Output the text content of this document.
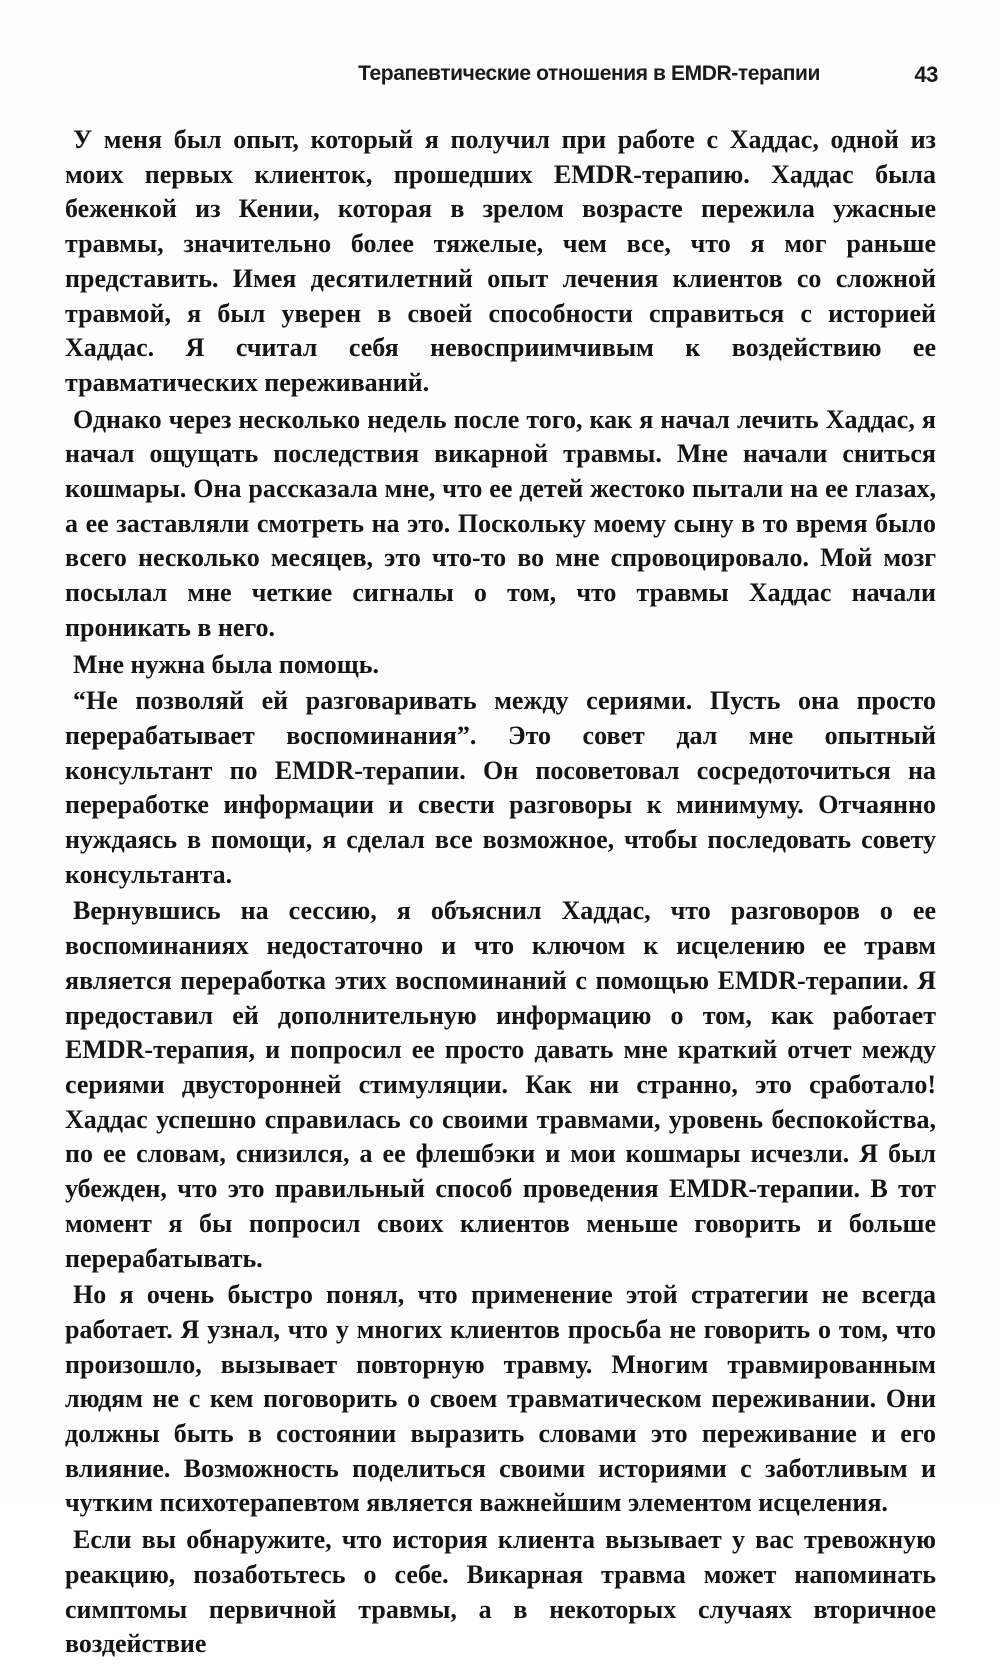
Терапевтические отношения в EMDR-терапии	43

У меня был опыт, который я получил при работе с Хаддас, одной из моих первых клиенток, прошедших EMDR-терапию. Хаддас была беженкой из Кении, которая в зрелом возрасте пережила ужасные травмы, значительно более тяжелые, чем все, что я мог раньше представить. Имея десятилетний опыт лечения клиентов со сложной травмой, я был уверен в своей способности справиться с историей Хаддас. Я считал себя невосприимчивым к воздействию ее травматических переживаний.

Однако через несколько недель после того, как я начал лечить Хаддас, я начал ощущать последствия викарной травмы. Мне начали сниться кошмары. Она рассказала мне, что ее детей жестоко пытали на ее глазах, а ее заставляли смотреть на это. Поскольку моему сыну в то время было всего несколько месяцев, это что-то во мне спровоцировало. Мой мозг посылал мне четкие сигналы о том, что травмы Хаддас начали проникать в него.

Мне нужна была помощь.

“Не позволяй ей разговаривать между сериями. Пусть она просто перерабатывает воспоминания”. Это совет дал мне опытный консультант по EMDR-терапии. Он посоветовал сосредоточиться на переработке информации и свести разговоры к минимуму. Отчаянно нуждаясь в помощи, я сделал все возможное, чтобы последовать совету консультанта.

Вернувшись на сессию, я объяснил Хаддас, что разговоров о ее воспоминаниях недостаточно и что ключом к исцелению ее травм является переработка этих воспоминаний с помощью EMDR-терапии. Я предоставил ей дополнительную информацию о том, как работает EMDR-терапия, и попросил ее просто давать мне краткий отчет между сериями двусторонней стимуляции. Как ни странно, это сработало! Хаддас успешно справилась со своими травмами, уровень беспокойства, по ее словам, снизился, а ее флешбэки и мои кошмары исчезли. Я был убежден, что это правильный способ проведения EMDR-терапии. В тот момент я бы попросил своих клиентов меньше говорить и больше перерабатывать.

Но я очень быстро понял, что применение этой стратегии не всегда работает. Я узнал, что у многих клиентов просьба не говорить о том, что произошло, вызывает повторную травму. Многим травмированным людям не с кем поговорить о своем травматическом переживании. Они должны быть в состоянии выразить словами это переживание и его влияние. Возможность поделиться своими историями с заботливым и чутким психотерапевтом является важнейшим элементом исцеления.

Если вы обнаружите, что история клиента вызывает у вас тревожную реакцию, позаботьтесь о себе. Викарная травма может напоминать симптомы первичной травмы, а в некоторых случаях вторичное воздействие
